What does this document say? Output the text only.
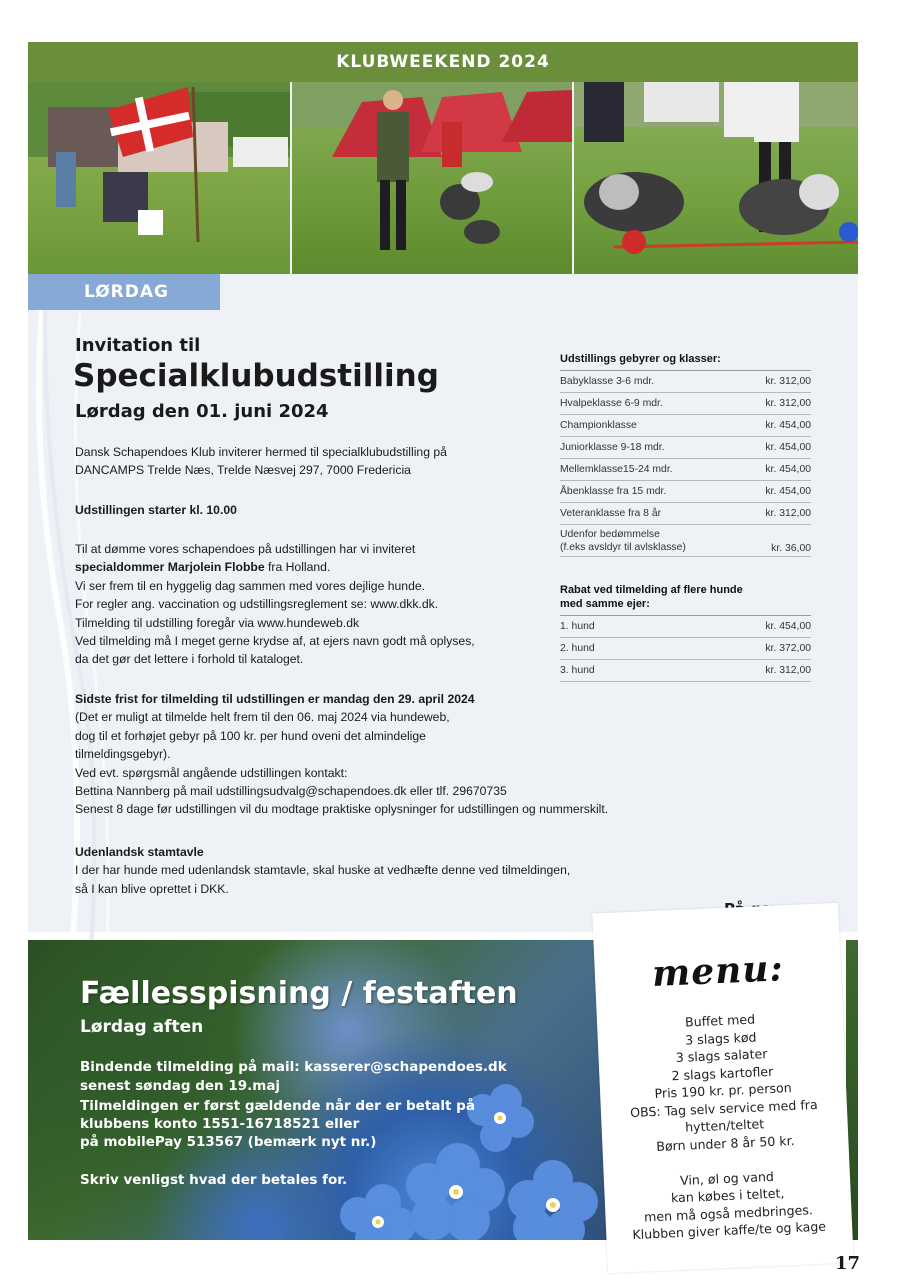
KLUBWEEKEND 2024
LØRDAG
Invitation til
Specialklubudstilling
Lørdag den 01. juni 2024
Dansk Schapendoes Klub inviterer hermed til specialklubudstilling på
DANCAMPS Trelde Næs, Trelde Næsvej 297, 7000 Fredericia
Udstillingen starter kl. 10.00
Til at dømme vores schapendoes på udstillingen har vi inviteret
specialdommer Marjolein Flobbe fra Holland.
Vi ser frem til en hyggelig dag sammen med vores dejlige hunde.
For regler ang. vaccination og udstillingsreglement se: www.dkk.dk.
Tilmelding til udstilling foregår via www.hundeweb.dk
Ved tilmelding må I meget gerne krydse af, at ejers navn godt må oplyses,
da det gør det lettere i forhold til kataloget.
Sidste frist for tilmelding til udstillingen er mandag den 29. april 2024
(Det er muligt at tilmelde helt frem til den 06. maj 2024 via hundeweb,
dog til et forhøjet gebyr på 100 kr. per hund oveni det almindelige
tilmeldingsgebyr).
Ved evt. spørgsmål angående udstillingen kontakt:
Bettina Nannberg på mail udstillingsudvalg@schapendoes.dk eller tlf. 29670735
Senest 8 dage før udstillingen vil du modtage praktiske oplysninger for udstillingen og nummerskilt.
Udenlandsk stamtavle
I der har hunde med udenlandsk stamtavle, skal huske at vedhæfte denne ved tilmeldingen,
så I kan blive oprettet i DKK.
Udstillings gebyrer og klasser:
Babyklasse 3-6 mdr.	kr. 312,00
Hvalpeklasse 6-9 mdr.	kr. 312,00
Championklasse	kr. 454,00
Juniorklasse 9-18 mdr.	kr. 454,00
Mellemklasse15-24 mdr.	kr. 454,00
Åbenklasse fra 15 mdr.	kr. 454,00
Veteranklasse fra 8 år	kr. 312,00
Udenfor bedømmelse
(f.eks avsldyr til avlsklasse)	kr. 36,00
Rabat ved tilmelding af flere hunde
med samme ejer:
1. hund	kr. 454,00
2. hund	kr. 372,00
3. hund	kr. 312,00
Fællesspisning / festaften
Lørdag aften
Bindende tilmelding på mail: kasserer@schapendoes.dk
senest søndag den 19.maj
Tilmeldingen er først gældende når der er betalt på
klubbens konto 1551-16718521 eller
på mobilePay 513567 (bemærk nyt nr.)
Skriv venligst hvad der betales for.
menu:
Buffet med
3 slags kød
3 slags salater
2 slags kartofler
Pris 190 kr. pr. person
OBS: Tag selv service med fra
hytten/teltet
Børn under 8 år 50 kr.
Vin, øl og vand
kan købes i teltet,
men må også medbringes.
Klubben giver kaffe/te og kage
17
